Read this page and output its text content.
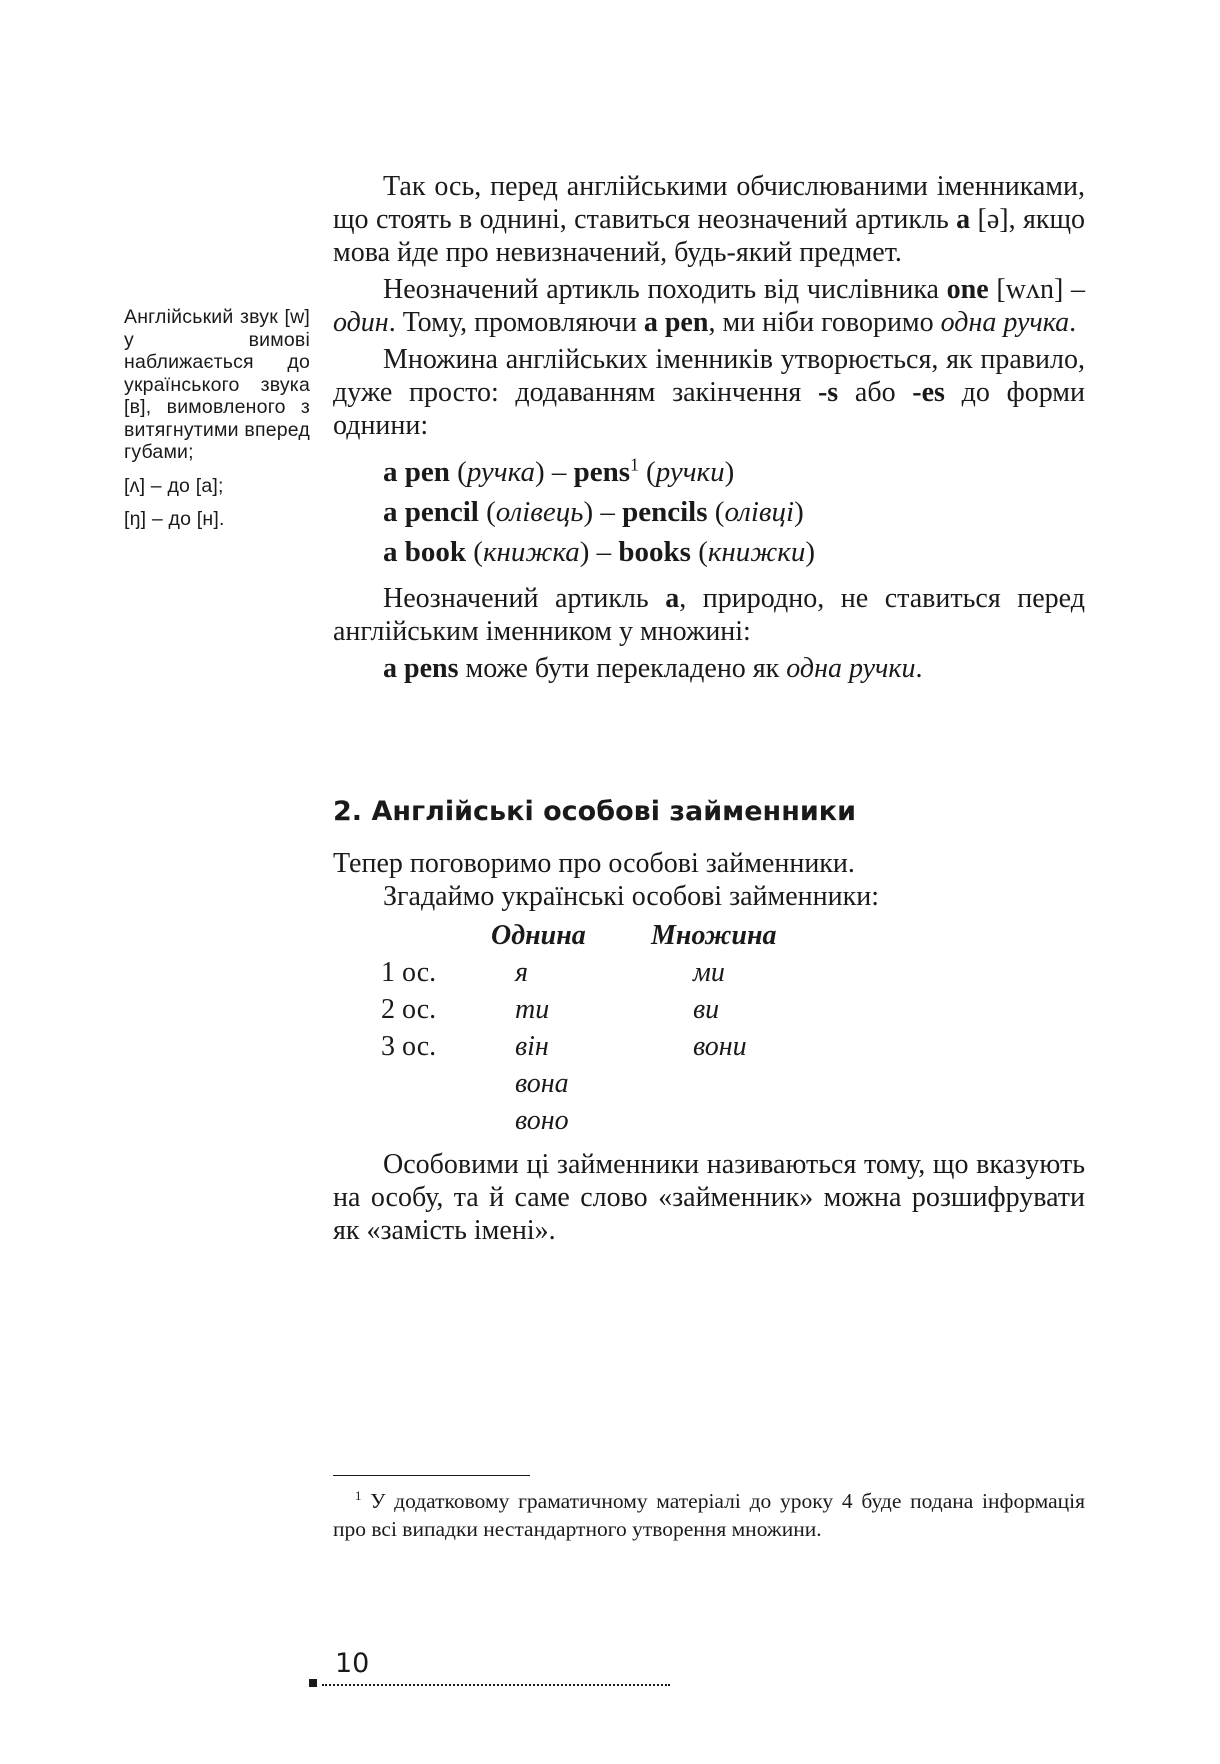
Англійський звук [w] у вимові наближається до українського звука [в], вимовленого з витягнутими вперед губами;

[ʌ] – до [а];

[ŋ] – до [н].

Так ось, перед англійськими обчислюваними іменниками, що стоять в однині, ставиться неозначений артикль a [ə], якщо мова йде про невизначений, будь-який предмет.

Неозначений артикль походить від числівника one [wʌn] – один. Тому, промовляючи a pen, ми ніби говоримо одна ручка.

Множина англійських іменників утворюється, як правило, дуже просто: додаванням закінчення -s або -es до форми однини:

a pen (ручка) – pens$^1$ (ручки)
a pencil (олівець) – pencils (олівці)
a book (книжка) – books (книжки)

Неозначений артикль a, природно, не ставиться перед англійським іменником у множині:

a pens може бути перекладено як одна ручки.

2. Англійські особові займенники

Тепер поговоримо про особові займенники.

Згадаймо українські особові займенники:

	Однина	Множина
1 ос.	я	ми
2 ос.	ти	ви
3 ос.	він	вони
	вона	
	воно	

Особовими ці займенники називаються тому, що вказують на особу, та й саме слово «займенник» можна розшифрувати як «замість імені».

$^1$ У додатковому граматичному матеріалі до уроку 4 буде подана інформація про всі випадки нестандартного утворення множини.

10
